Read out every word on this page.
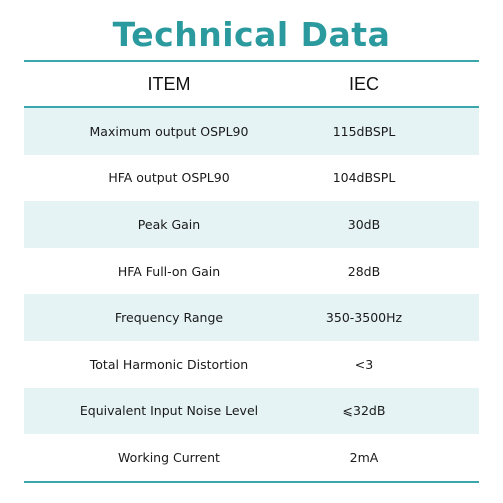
Technical Data
ITEM	IEC
Maximum output OSPL90	115dBSPL
HFA output OSPL90	104dBSPL
Peak Gain	30dB
HFA Full-on Gain	28dB
Frequency Range	350-3500Hz
Total Harmonic Distortion	<3
Equivalent Input Noise Level	⩽32dB
Working Current	2mA
